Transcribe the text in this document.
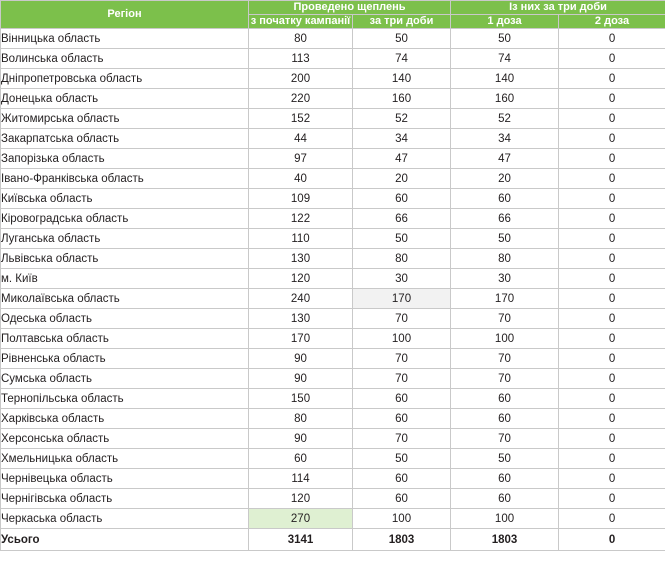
Регіон	Проведено щеплень		Із них за три доби	
	з початку кампанії	за три доби	1 доза	2 доза
Вінницька область	80	50	50	0
Волинська область	113	74	74	0
Дніпропетровська область	200	140	140	0
Донецька область	220	160	160	0
Житомирська область	152	52	52	0
Закарпатська область	44	34	34	0
Запорізька область	97	47	47	0
Івано-Франківська область	40	20	20	0
Київська область	109	60	60	0
Кіровоградська область	122	66	66	0
Луганська область	110	50	50	0
Львівська область	130	80	80	0
м. Київ	120	30	30	0
Миколаївська область	240	170	170	0
Одеська область	130	70	70	0
Полтавська область	170	100	100	0
Рівненська область	90	70	70	0
Сумська область	90	70	70	0
Тернопільська область	150	60	60	0
Харківська область	80	60	60	0
Херсонська область	90	70	70	0
Хмельницька область	60	50	50	0
Чернівецька область	114	60	60	0
Чернігівська область	120	60	60	0
Черкаська область	270	100	100	0
Усього	3141	1803	1803	0
